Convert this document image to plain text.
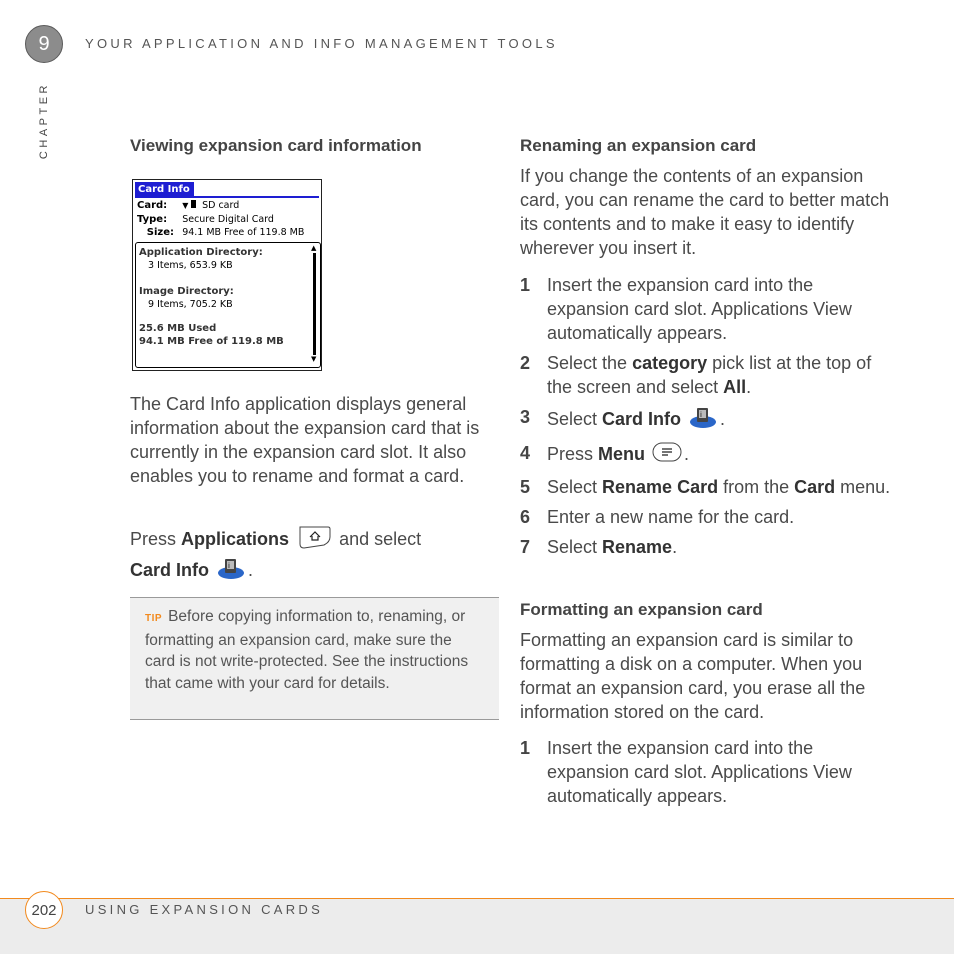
9	YOUR APPLICATION AND INFO MANAGEMENT TOOLS
CHAPTER	Viewing expansion card information
Card Info
Card: ▼  SD card
Type: Secure Digital Card
Size: 94.1 MB Free of 119.8 MB
Application Directory:
3 Items, 653.9 KB
Image Directory:
9 Items, 705.2 KB
25.6 MB Used
94.1 MB Free of 119.8 MB
▲
▼

The Card Info application displays general information about the expansion card that is currently in the expansion card slot. It also enables you to rename and format a card.

Press Applications	and select
Card Info	i .

TIP Before copying information to, renaming, or formatting an expansion card, make sure the card is not write-protected. See the instructions that came with your card for details.

Renaming an expansion card

If you change the contents of an expansion card, you can rename the card to better match its contents and to make it easy to identify wherever you insert it.

1 Insert the expansion card into the expansion card slot. Applications View automatically appears.
2 Select the category pick list at the top of the screen and select All.
3 Select Card Info	i .
4 Press Menu .
5 Select Rename Card from the Card menu.
6 Enter a new name for the card.
7 Select Rename.
Formatting an expansion card

Formatting an expansion card is similar to formatting a disk on a computer. When you format an expansion card, you erase all the information stored on the card.

1 Insert the expansion card into the expansion card slot. Applications View automatically appears.
202 USING EXPANSION CARDS
